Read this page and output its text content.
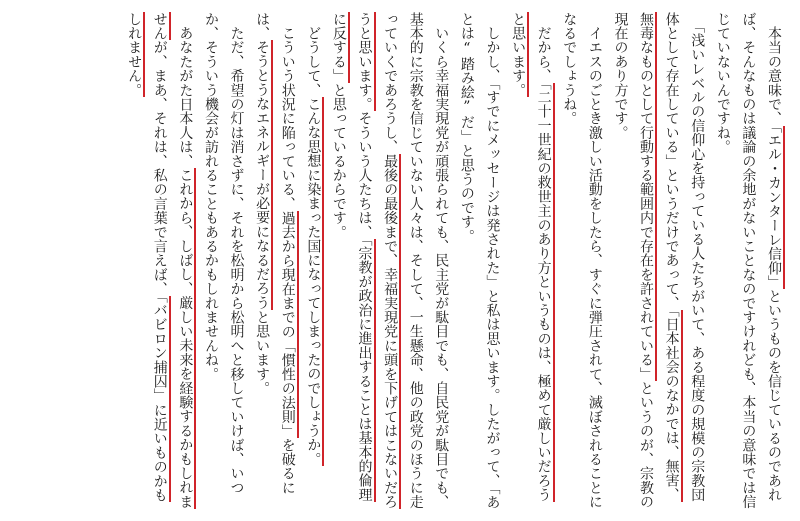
　本当の意味で、「エル・カンターレ信仰」というものを信じているのであれば、そんなものは議論の余地がないことなのですけれども、本当の意味では信じていないんですね。
　「浅いレベルの信仰心を持っている人たちがいて、ある程度の規模の宗教団体として存在している」というだけであって、「日本社会のなかでは、無害、無毒なものとして行動する範囲内で存在を許されている」というのが、宗教の現在のあり方です。
　イエスのごとき激しい活動をしたら、すぐに弾圧されて、滅ぼされることになるでしょうね。
　だから、「二十一世紀の救世主のあり方というものは、極めて厳しいだろうと思います。
　しかし、「すでにメッセージは発された」と私は思います。したがって、「あとは“踏み絵”だ」と思うのです。
　いくら幸福実現党が頑張られても、民主党が駄目でも、自民党が駄目でも、基本的に宗教を信じていない人々は、そして、一生懸命、他の政党のほうに走っていくであろうし、最後の最後まで、幸福実現党に頭を下げてはこないだろうと思います。そういう人たちは、「宗教が政治に進出することは基本的倫理に反する」と思っているからです。
　どうして、こんな思想に染まった国になってしまったのでしょうか。
　こういう状況に陥っている、過去から現在までの「慣性の法則」を破るには、そうとうなエネルギーが必要になるだろうと思います。
　ただ、希望の灯は消さずに、それを松明から松明へと移していけば、いつか、そういう機会が訪れることもあるかもしれませんね。
　あなたがた日本人は、これから、しばし、厳しい未来を経験するかもしれませんが、まあ、それは、私の言葉で言えば、「バビロン捕囚」に近いものかもしれません。
